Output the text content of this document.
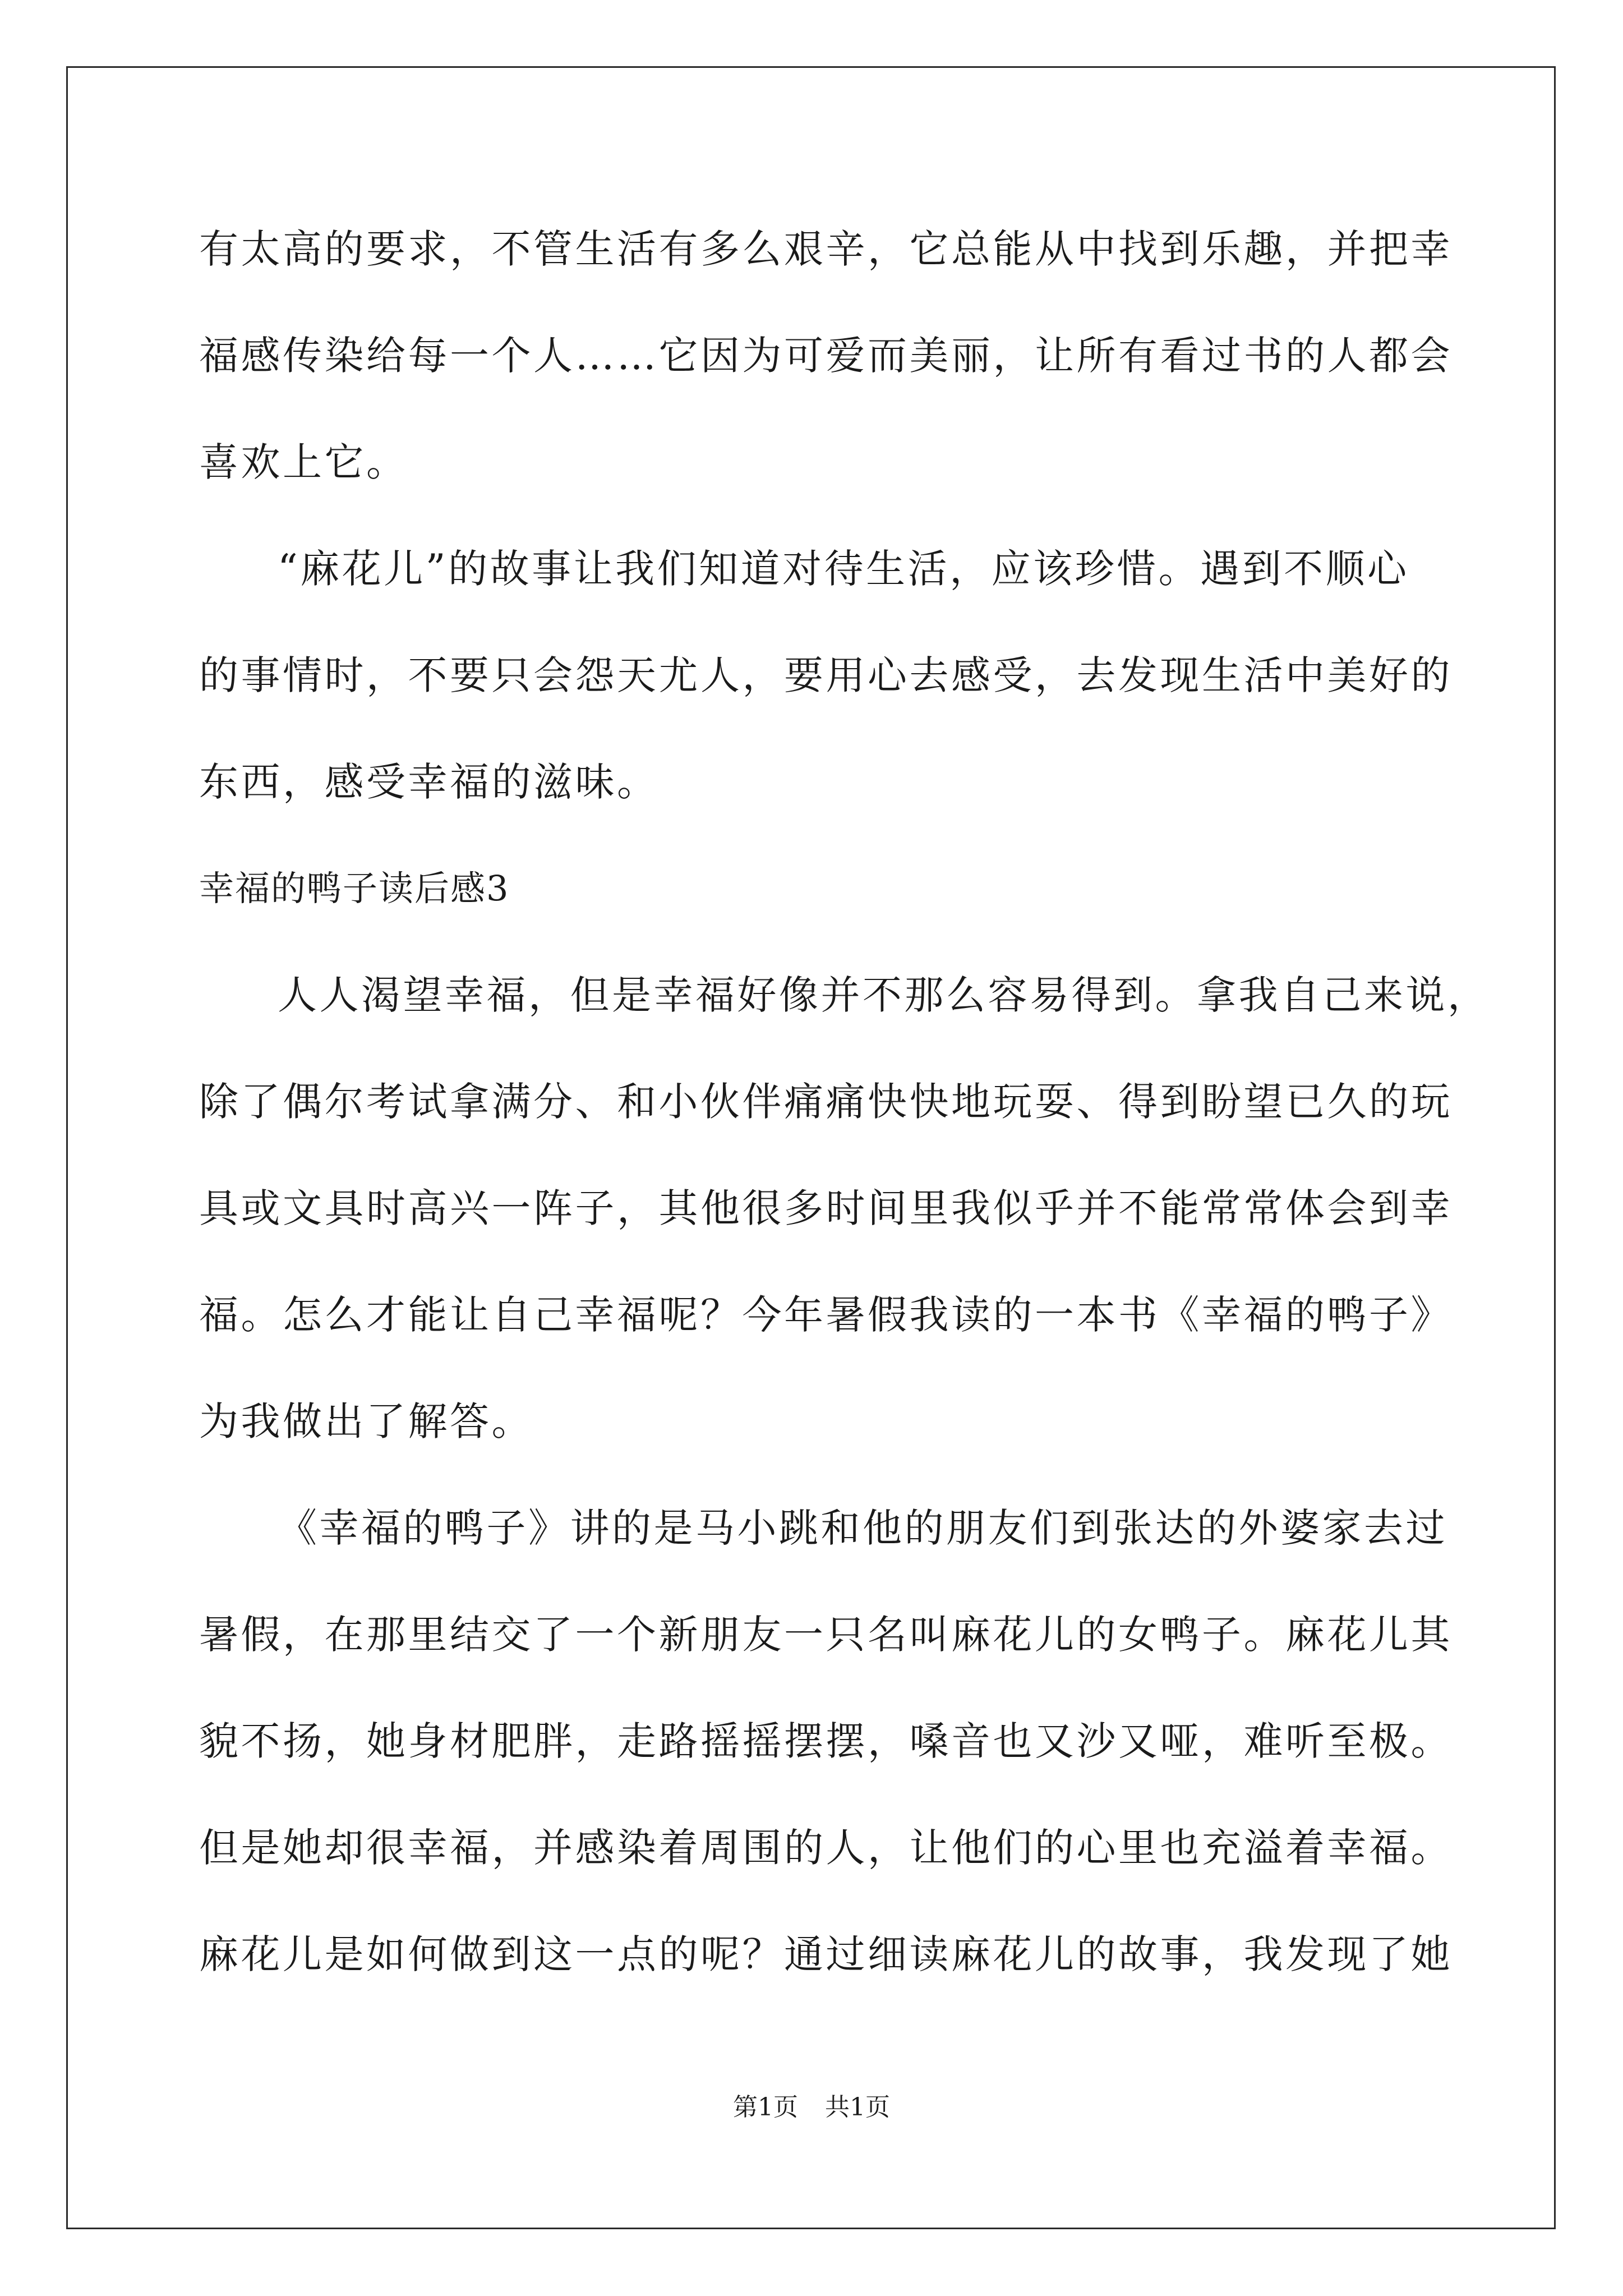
有太高的要求，不管生活有多么艰辛，它总能从中找到乐趣，并把幸
福感传染给每一个人……它因为可爱而美丽，让所有看过书的人都会
喜欢上它。
“麻花儿”的故事让我们知道对待生活，应该珍惜。遇到不顺心
的事情时，不要只会怨天尤人，要用心去感受，去发现生活中美好的
东西，感受幸福的滋味。
幸福的鸭子读后感3
人人渴望幸福，但是幸福好像并不那么容易得到。拿我自己来说，
除了偶尔考试拿满分、和小伙伴痛痛快快地玩耍、得到盼望已久的玩
具或文具时高兴一阵子，其他很多时间里我似乎并不能常常体会到幸
福。怎么才能让自己幸福呢？今年暑假我读的一本书《幸福的鸭子》
为我做出了解答。
《幸福的鸭子》讲的是马小跳和他的朋友们到张达的外婆家去过
暑假，在那里结交了一个新朋友一只名叫麻花儿的女鸭子。麻花儿其
貌不扬，她身材肥胖，走路摇摇摆摆，嗓音也又沙又哑，难听至极。
但是她却很幸福，并感染着周围的人，让他们的心里也充溢着幸福。
麻花儿是如何做到这一点的呢？通过细读麻花儿的故事，我发现了她
第1页 共1页
